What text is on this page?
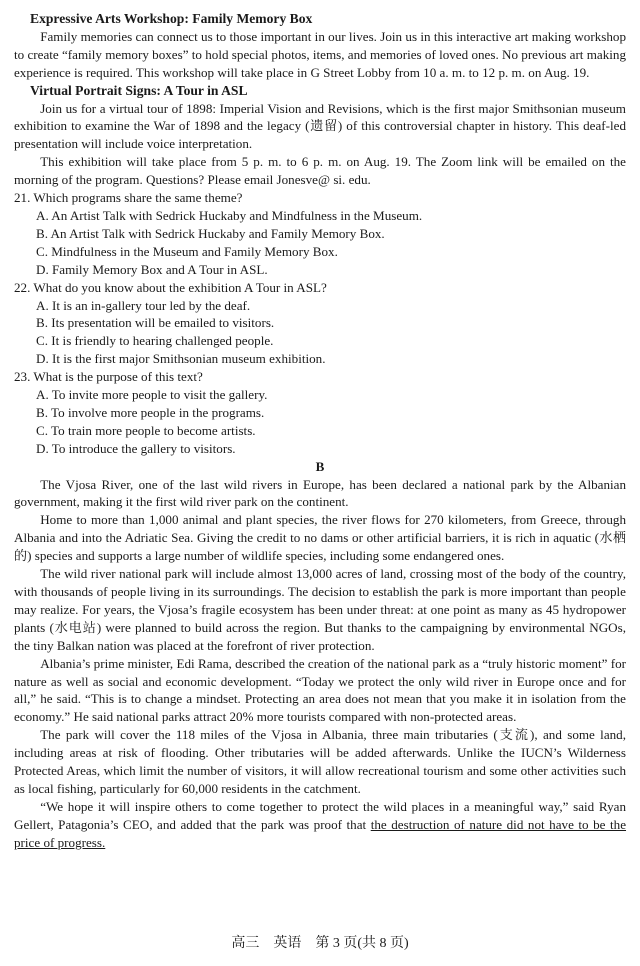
Expressive Arts Workshop: Family Memory Box

Family memories can connect us to those important in our lives. Join us in this interactive art making workshop to create “family memory boxes” to hold special photos, items, and memories of loved ones. No previous art making experience is required. This workshop will take place in G Street Lobby from 10 a. m. to 12 p. m. on Aug. 19.

Virtual Portrait Signs: A Tour in ASL

Join us for a virtual tour of 1898: Imperial Vision and Revisions, which is the first major Smithsonian museum exhibition to examine the War of 1898 and the legacy (遗留) of this controversial chapter in history. This deaf-led presentation will include voice interpretation.

This exhibition will take place from 5 p. m. to 6 p. m. on Aug. 19. The Zoom link will be emailed on the morning of the program. Questions? Please email Jonesve@ si. edu.

21. Which programs share the same theme?

A. An Artist Talk with Sedrick Huckaby and Mindfulness in the Museum.

B. An Artist Talk with Sedrick Huckaby and Family Memory Box.

C. Mindfulness in the Museum and Family Memory Box.

D. Family Memory Box and A Tour in ASL.

22. What do you know about the exhibition A Tour in ASL?

A. It is an in-gallery tour led by the deaf.

B. Its presentation will be emailed to visitors.

C. It is friendly to hearing challenged people.

D. It is the first major Smithsonian museum exhibition.

23. What is the purpose of this text?

A. To invite more people to visit the gallery.

B. To involve more people in the programs.

C. To train more people to become artists.

D. To introduce the gallery to visitors.

B

The Vjosa River, one of the last wild rivers in Europe, has been declared a national park by the Albanian government, making it the first wild river park on the continent.

Home to more than 1,000 animal and plant species, the river flows for 270 kilometers, from Greece, through Albania and into the Adriatic Sea. Giving the credit to no dams or other artificial barriers, it is rich in aquatic (水栖的) species and supports a large number of wildlife species, including some endangered ones.

The wild river national park will include almost 13,000 acres of land, crossing most of the body of the country, with thousands of people living in its surroundings. The decision to establish the park is more important than people may realize. For years, the Vjosa’s fragile ecosystem has been under threat: at one point as many as 45 hydropower plants (水电站) were planned to build across the region. But thanks to the campaigning by environmental NGOs, the tiny Balkan nation was placed at the forefront of river protection.

Albania’s prime minister, Edi Rama, described the creation of the national park as a “truly historic moment” for nature as well as social and economic development. “Today we protect the only wild river in Europe once and for all,” he said. “This is to change a mindset. Protecting an area does not mean that you make it in isolation from the economy.” He said national parks attract 20% more tourists compared with non-protected areas.

The park will cover the 118 miles of the Vjosa in Albania, three main tributaries (支流), and some land, including areas at risk of flooding. Other tributaries will be added afterwards. Unlike the IUCN’s Wilderness Protected Areas, which limit the number of visitors, it will allow recreational tourism and some other activities such as local fishing, particularly for 60,000 residents in the catchment.

“We hope it will inspire others to come together to protect the wild places in a meaningful way,” said Ryan Gellert, Patagonia’s CEO, and added that the park was proof that the destruction of nature did not have to be the price of progress.

高三　英语　第 3 页(共 8 页)
